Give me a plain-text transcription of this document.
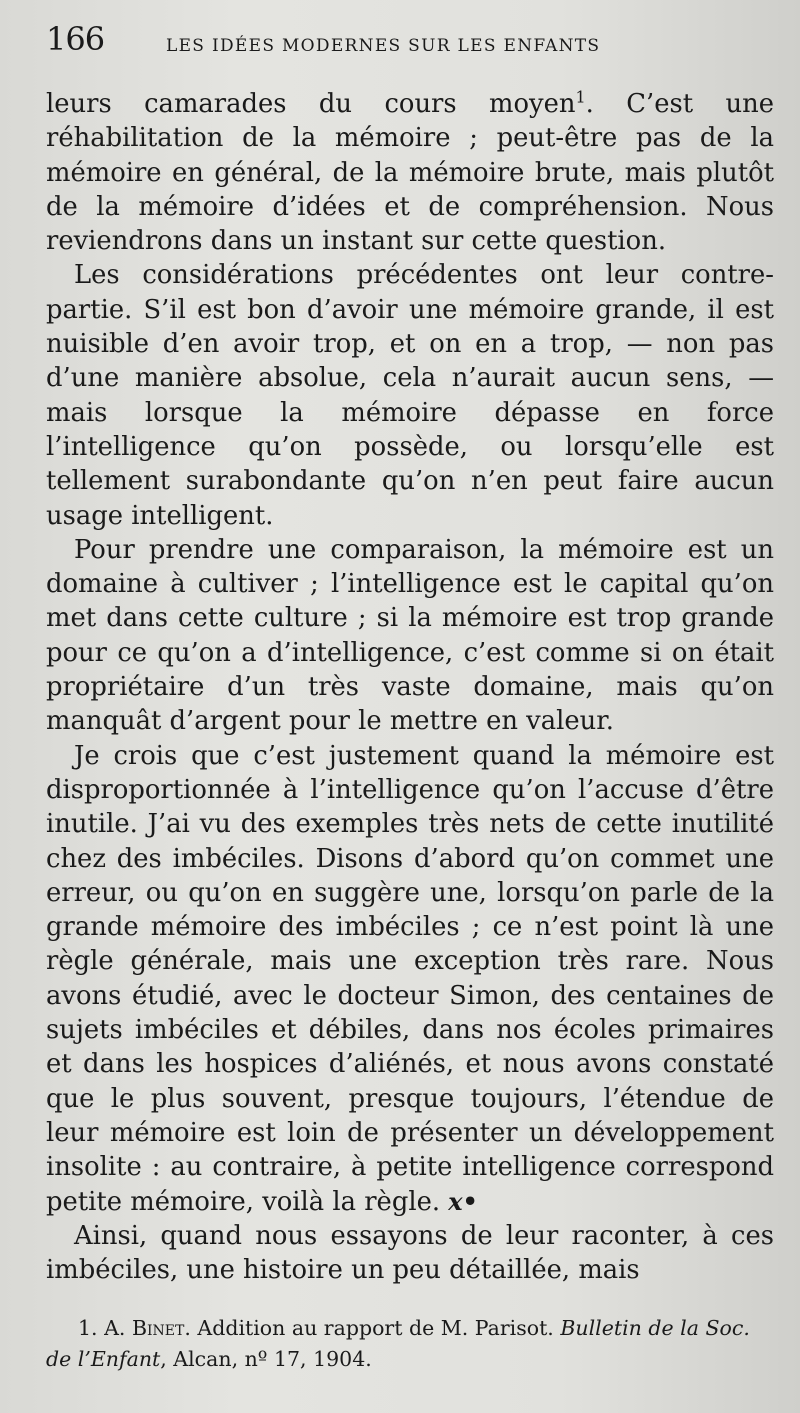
166	LES IDÉES MODERNES SUR LES ENFANTS

leurs camarades du cours moyen$^1$. C’est une réhabilitation de la mémoire ; peut-être pas de la mémoire en général, de la mémoire brute, mais plutôt de la mémoire d’idées et de compréhension. Nous reviendrons dans un instant sur cette question.

Les considérations précédentes ont leur contre-partie. S’il est bon d’avoir une mémoire grande, il est nuisible d’en avoir trop, et on en a trop, — non pas d’une manière absolue, cela n’aurait aucun sens, — mais lorsque la mémoire dépasse en force l’intelligence qu’on possède, ou lorsqu’elle est tellement surabondante qu’on n’en peut faire aucun usage intelligent.

Pour prendre une comparaison, la mémoire est un domaine à cultiver ; l’intelligence est le capital qu’on met dans cette culture ; si la mémoire est trop grande pour ce qu’on a d’intelligence, c’est comme si on était propriétaire d’un très vaste domaine, mais qu’on manquât d’argent pour le mettre en valeur.

Je crois que c’est justement quand la mémoire est disproportionnée à l’intelligence qu’on l’accuse d’être inutile. J’ai vu des exemples très nets de cette inutilité chez des imbéciles. Disons d’abord qu’on commet une erreur, ou qu’on en suggère une, lorsqu’on parle de la grande mémoire des imbéciles ; ce n’est point là une règle générale, mais une exception très rare. Nous avons étudié, avec le docteur Simon, des centaines de sujets imbéciles et débiles, dans nos écoles primaires et dans les hospices d’aliénés, et nous avons constaté que le plus souvent, presque toujours, l’étendue de leur mémoire est loin de présenter un développement insolite : au contraire, à petite intelligence correspond petite mémoire, voilà la règle. x•

Ainsi, quand nous essayons de leur raconter, à ces imbéciles, une histoire un peu détaillée, mais

1. A. Binet. Addition au rapport de M. Parisot. Bulletin de la Soc. de l’Enfant, Alcan, nº 17, 1904.
